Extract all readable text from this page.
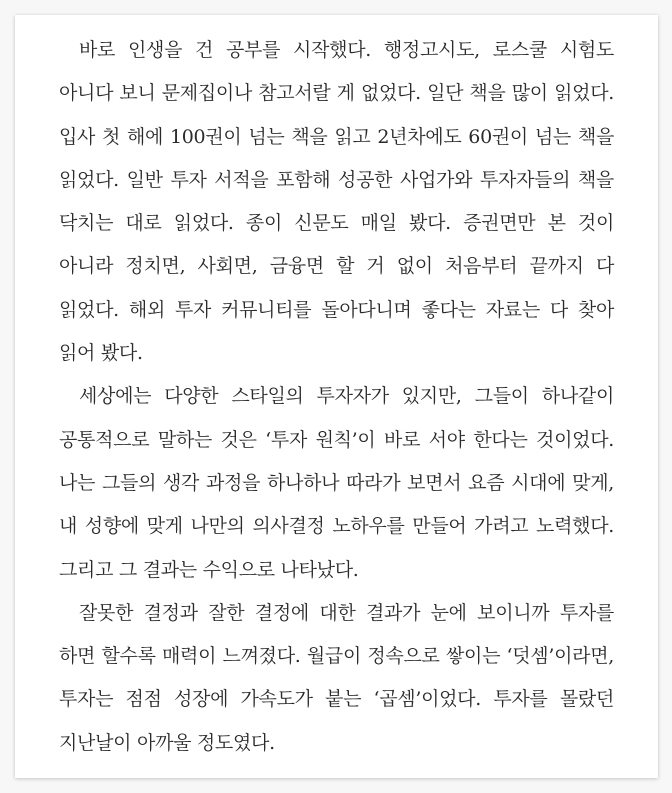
바로 인생을 건 공부를 시작했다. 행정고시도, 로스쿨 시험도 아니다 보니 문제집이나 참고서랄 게 없었다. 일단 책을 많이 읽었다. 입사 첫 해에 100권이 넘는 책을 읽고 2년차에도 60권이 넘는 책을 읽었다. 일반 투자 서적을 포함해 성공한 사업가와 투자자들의 책을 닥치는 대로 읽었다. 종이 신문도 매일 봤다. 증권면만 본 것이 아니라 정치면, 사회면, 금융면 할 거 없이 처음부터 끝까지 다 읽었다. 해외 투자 커뮤니티를 돌아다니며 좋다는 자료는 다 찾아 읽어 봤다.

세상에는 다양한 스타일의 투자자가 있지만, 그들이 하나같이 공통적으로 말하는 것은 ‘투자 원칙’이 바로 서야 한다는 것이었다. 나는 그들의 생각 과정을 하나하나 따라가 보면서 요즘 시대에 맞게, 내 성향에 맞게 나만의 의사결정 노하우를 만들어 가려고 노력했다. 그리고 그 결과는 수익으로 나타났다.

잘못한 결정과 잘한 결정에 대한 결과가 눈에 보이니까 투자를 하면 할수록 매력이 느껴졌다. 월급이 정속으로 쌓이는 ‘덧셈’이라면, 투자는 점점 성장에 가속도가 붙는 ‘곱셈’이었다. 투자를 몰랐던 지난날이 아까울 정도였다.
